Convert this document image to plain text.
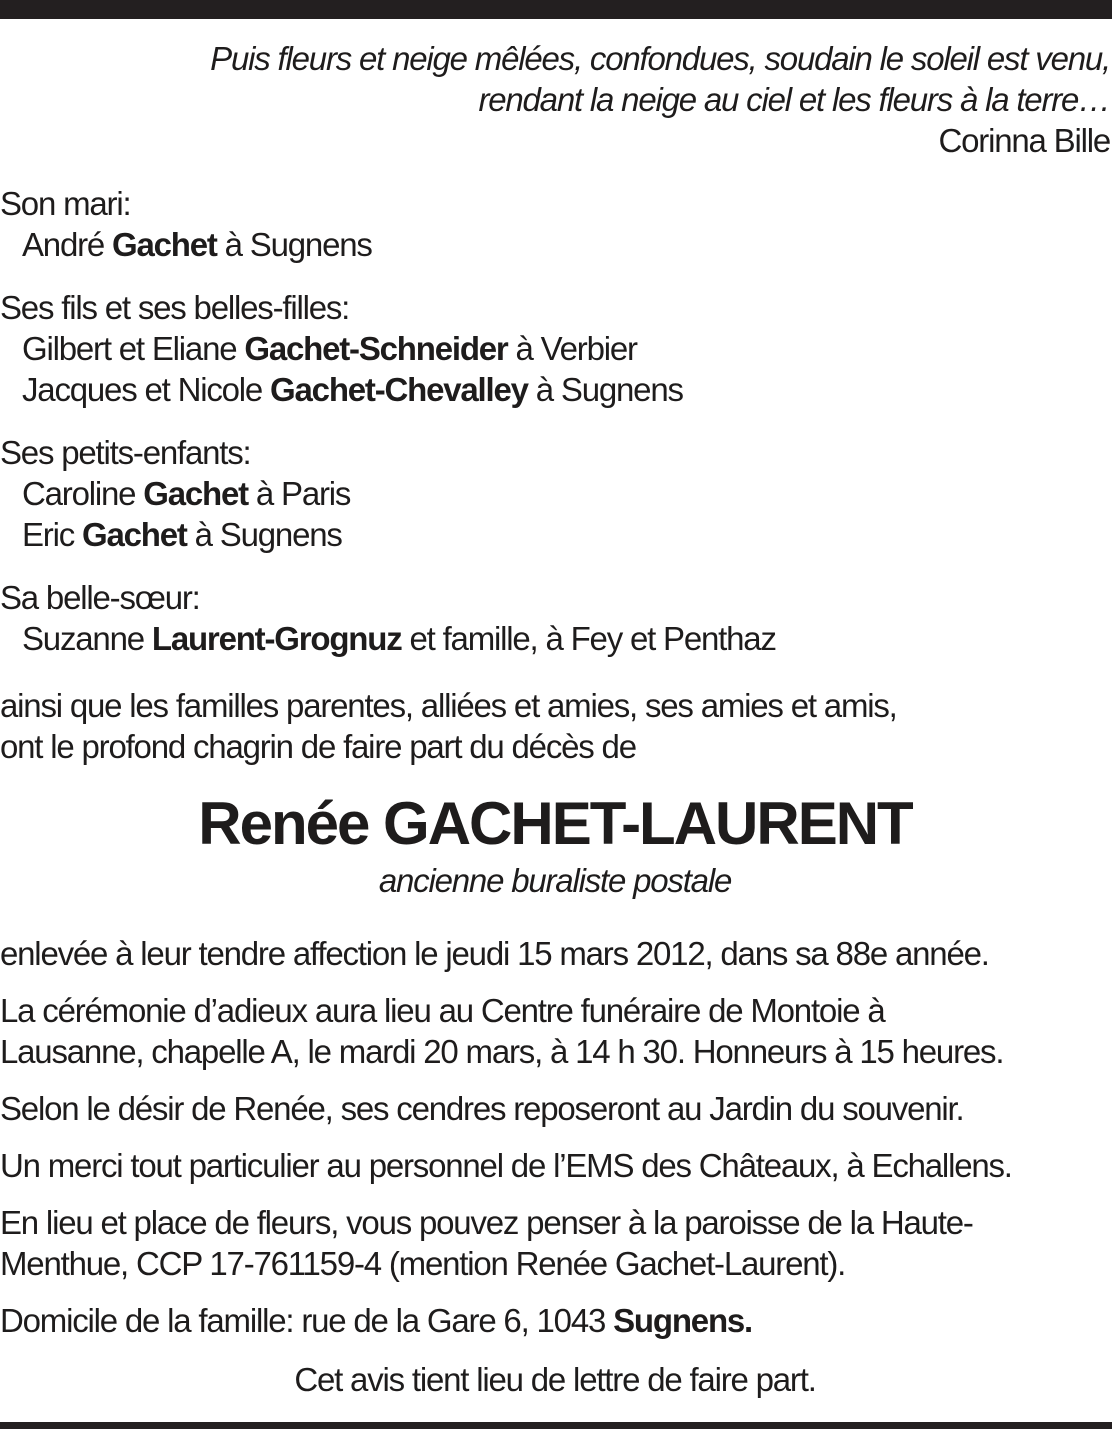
Puis fleurs et neige mêlées, confondues, soudain le soleil est venu,
rendant la neige au ciel et les fleurs à la terre…
Corinna Bille
Son mari:
André Gachet à Sugnens
Ses fils et ses belles-filles:
Gilbert et Eliane Gachet-Schneider à Verbier
Jacques et Nicole Gachet-Chevalley à Sugnens
Ses petits-enfants:
Caroline Gachet à Paris
Eric Gachet à Sugnens
Sa belle-sœur:
Suzanne Laurent-Grognuz et famille, à Fey et Penthaz
ainsi que les familles parentes, alliées et amies, ses amies et amis,
ont le profond chagrin de faire part du décès de
Renée GACHET-LAURENT
ancienne buraliste postale
enlevée à leur tendre affection le jeudi 15 mars 2012, dans sa 88e année.
La cérémonie d’adieux aura lieu au Centre funéraire de Montoie à
Lausanne, chapelle A, le mardi 20 mars, à 14 h 30. Honneurs à 15 heures.
Selon le désir de Renée, ses cendres reposeront au Jardin du souvenir.
Un merci tout particulier au personnel de l’EMS des Châteaux, à Echallens.
En lieu et place de fleurs, vous pouvez penser à la paroisse de la Haute-
Menthue, CCP 17-761159-4 (mention Renée Gachet-Laurent).
Domicile de la famille: rue de la Gare 6, 1043 Sugnens.
Cet avis tient lieu de lettre de faire part.
